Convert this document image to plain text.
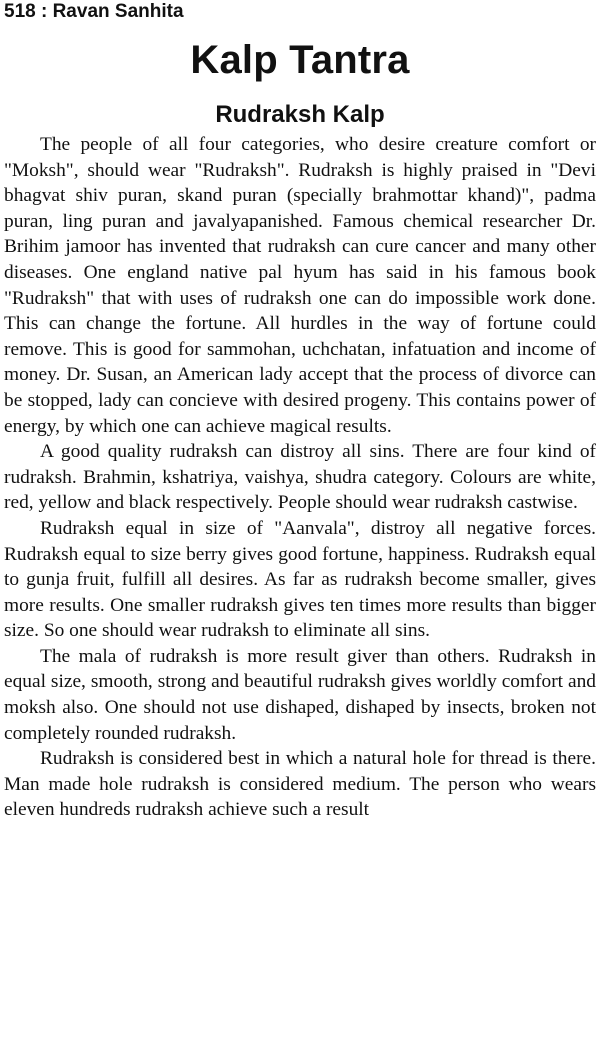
518 : Ravan Sanhita
Kalp Tantra
Rudraksh Kalp

The people of all four categories, who desire creature comfort or "Moksh", should wear "Rudraksh". Rudraksh is highly praised in "Devi bhagvat shiv puran, skand puran (specially brahmottar khand)", padma puran, ling puran and javalyapanished. Famous chemical researcher Dr. Brihim jamoor has invented that rudraksh can cure cancer and many other diseases. One england native pal hyum has said in his famous book "Rudraksh" that with uses of rudraksh one can do impossible work done. This can change the fortune. All hurdles in the way of fortune could remove. This is good for sammohan, uchchatan, infatuation and income of money. Dr. Susan, an American lady accept that the process of divorce can be stopped, lady can concieve with desired progeny. This contains power of energy, by which one can achieve magical results.

A good quality rudraksh can distroy all sins. There are four kind of rudraksh. Brahmin, kshatriya, vaishya, shudra category. Colours are white, red, yellow and black respectively. People should wear rudraksh castwise.

Rudraksh equal in size of "Aanvala", distroy all negative forces. Rudraksh equal to size berry gives good fortune, happiness. Rudraksh equal to gunja fruit, fulfill all desires. As far as rudraksh become smaller, gives more results. One smaller rudraksh gives ten times more results than bigger size. So one should wear rudraksh to eliminate all sins.

The mala of rudraksh is more result giver than others. Rudraksh in equal size, smooth, strong and beautiful rudraksh gives worldly comfort and moksh also. One should not use dishaped, dishaped by insects, broken not completely rounded rudraksh.

Rudraksh is considered best in which a natural hole for thread is there. Man made hole rudraksh is considered medium. The person who wears eleven hundreds rudraksh achieve such a result
